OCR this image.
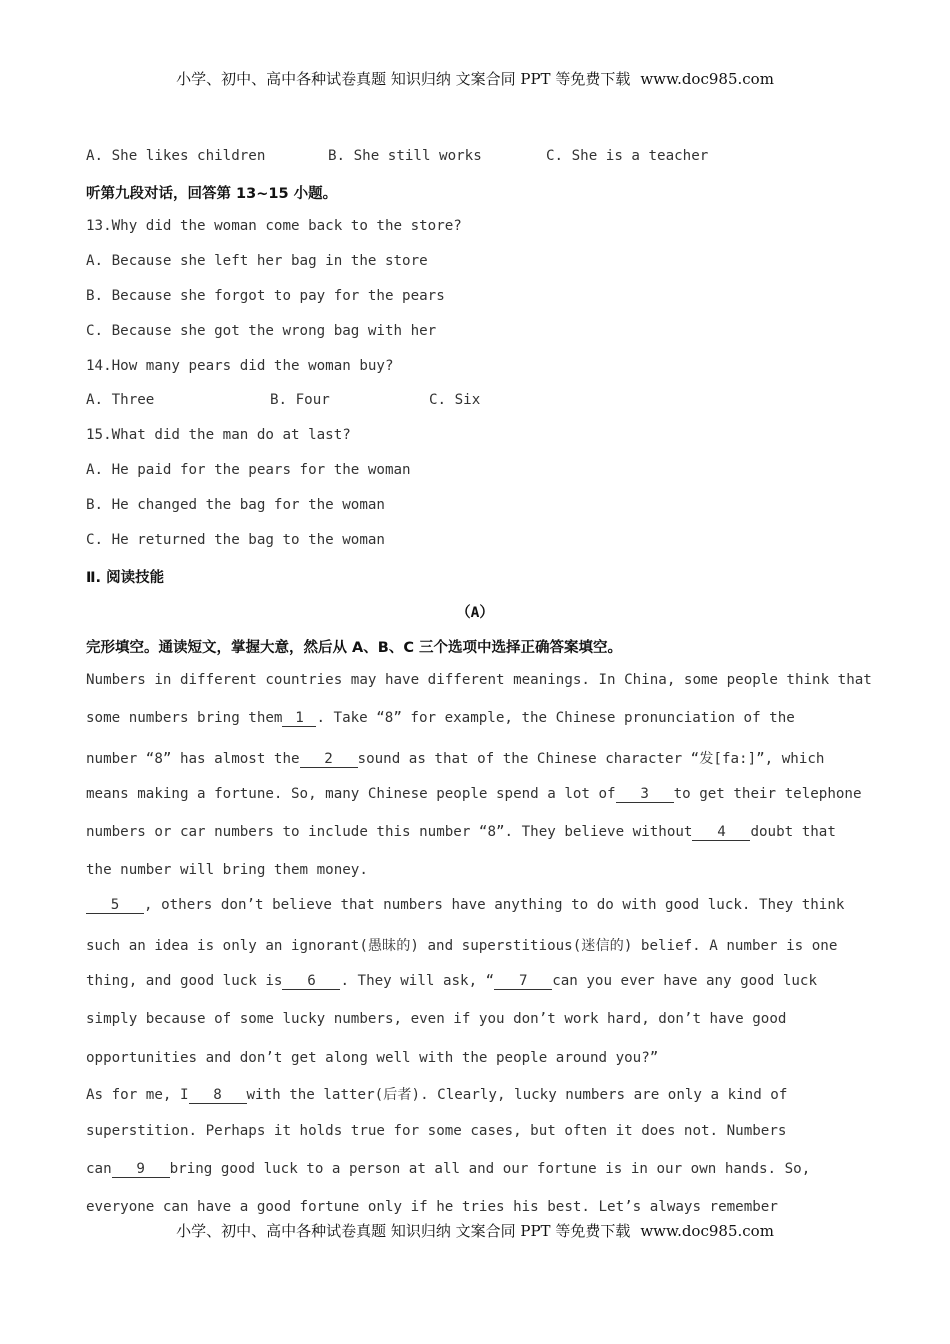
小学、初中、高中各种试卷真题 知识归纳 文案合同 PPT 等免费下载 www.doc985.com
A. She likes children	B. She still works	C. She is a teacher
听第九段对话，回答第 13~15 小题。
13.Why did the woman come back to the store?
A. Because she left her bag in the store
B. Because she forgot to pay for the pears
C. Because she got the wrong bag with her
14.How many pears did the woman buy?
A. Three	B. Four	C. Six
15.What did the man do at last?
A. He paid for the pears for the woman
B. He changed the bag for the woman
C. He returned the bag to the woman
Ⅱ. 阅读技能
（A）
完形填空。通读短文，掌握大意，然后从 A、B、C 三个选项中选择正确答案填空。
Numbers in different countries may have different meanings. In China, some people think that
some numbers bring them 1 . Take “8” for example, the Chinese pronunciation of the
number “8” has almost the 2 sound as that of the Chinese character “发[fa:]”, which
means making a fortune. So, many Chinese people spend a lot of 3 to get their telephone
numbers or car numbers to include this number “8”. They believe without 4 doubt that
the number will bring them money.
5 , others don’t believe that numbers have anything to do with good luck. They think
such an idea is only an ignorant(愚昧的) and superstitious(迷信的) belief. A number is one
thing, and good luck is 6 . They will ask, “ 7 can you ever have any good luck
simply because of some lucky numbers, even if you don’t work hard, don’t have good
opportunities and don’t get along well with the people around you?”
As for me, I 8 with the latter(后者). Clearly, lucky numbers are only a kind of
superstition. Perhaps it holds true for some cases, but often it does not. Numbers
can 9 bring good luck to a person at all and our fortune is in our own hands. So,
everyone can have a good fortune only if he tries his best. Let’s always remember
小学、初中、高中各种试卷真题 知识归纳 文案合同 PPT 等免费下载 www.doc985.com
